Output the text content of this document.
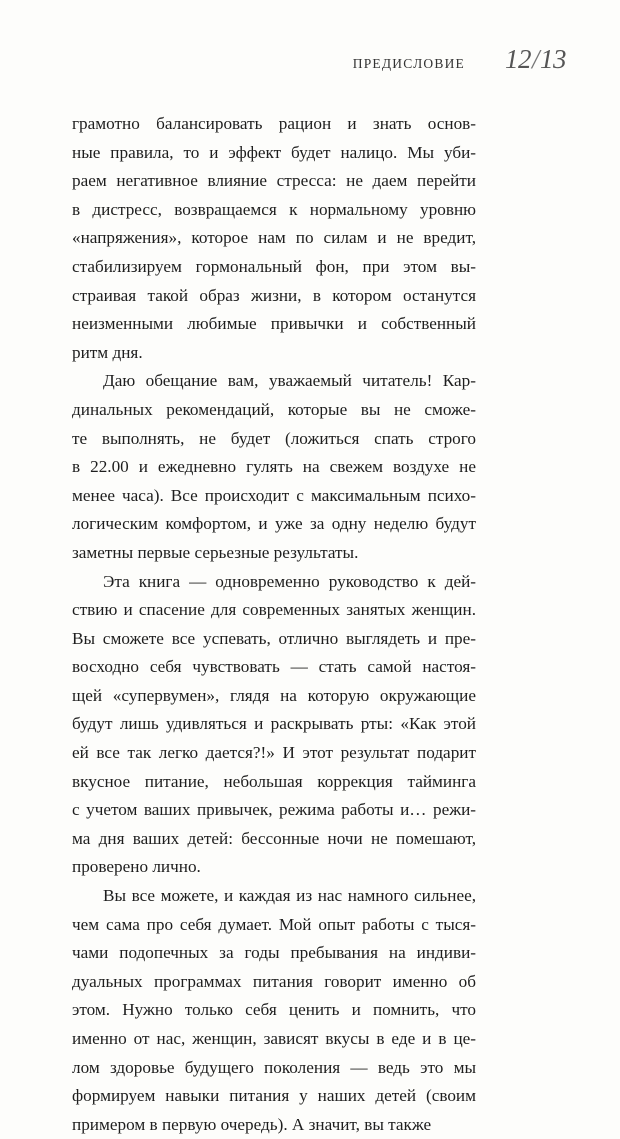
ПРЕДИСЛОВИЕ 12/13

грамотно балансировать рацион и знать основ-

ные правила, то и эффект будет налицо. Мы уби-

раем негативное влияние стресса: не даем перейти

в дистресс, возвращаемся к нормальному уровню

«напряжения», которое нам по силам и не вредит,

стабилизируем гормональный фон, при этом вы-

страивая такой образ жизни, в котором останутся

неизменными любимые привычки и собственный

ритм дня.

Даю обещание вам, уважаемый читатель! Кар-

динальных рекомендаций, которые вы не сможе-

те выполнять, не будет (ложиться спать строго

в 22.00 и ежедневно гулять на свежем воздухе не

менее часа). Все происходит с максимальным психо-

логическим комфортом, и уже за одну неделю будут

заметны первые серьезные результаты.

Эта книга — одновременно руководство к дей-

ствию и спасение для современных занятых женщин.

Вы сможете все успевать, отлично выглядеть и пре-

восходно себя чувствовать — стать самой настоя-

щей «супервумен», глядя на которую окружающие

будут лишь удивляться и раскрывать рты: «Как этой

ей все так легко дается?!» И этот результат подарит

вкусное питание, небольшая коррекция тайминга

с учетом ваших привычек, режима работы и… режи-

ма дня ваших детей: бессонные ночи не помешают,

проверено лично.

Вы все можете, и каждая из нас намного сильнее,

чем сама про себя думает. Мой опыт работы с тыся-

чами подопечных за годы пребывания на индиви-

дуальных программах питания говорит именно об

этом. Нужно только себя ценить и помнить, что

именно от нас, женщин, зависят вкусы в еде и в це-

лом здоровье будущего поколения — ведь это мы

формируем навыки питания у наших детей (своим

примером в первую очередь). А значит, вы также
